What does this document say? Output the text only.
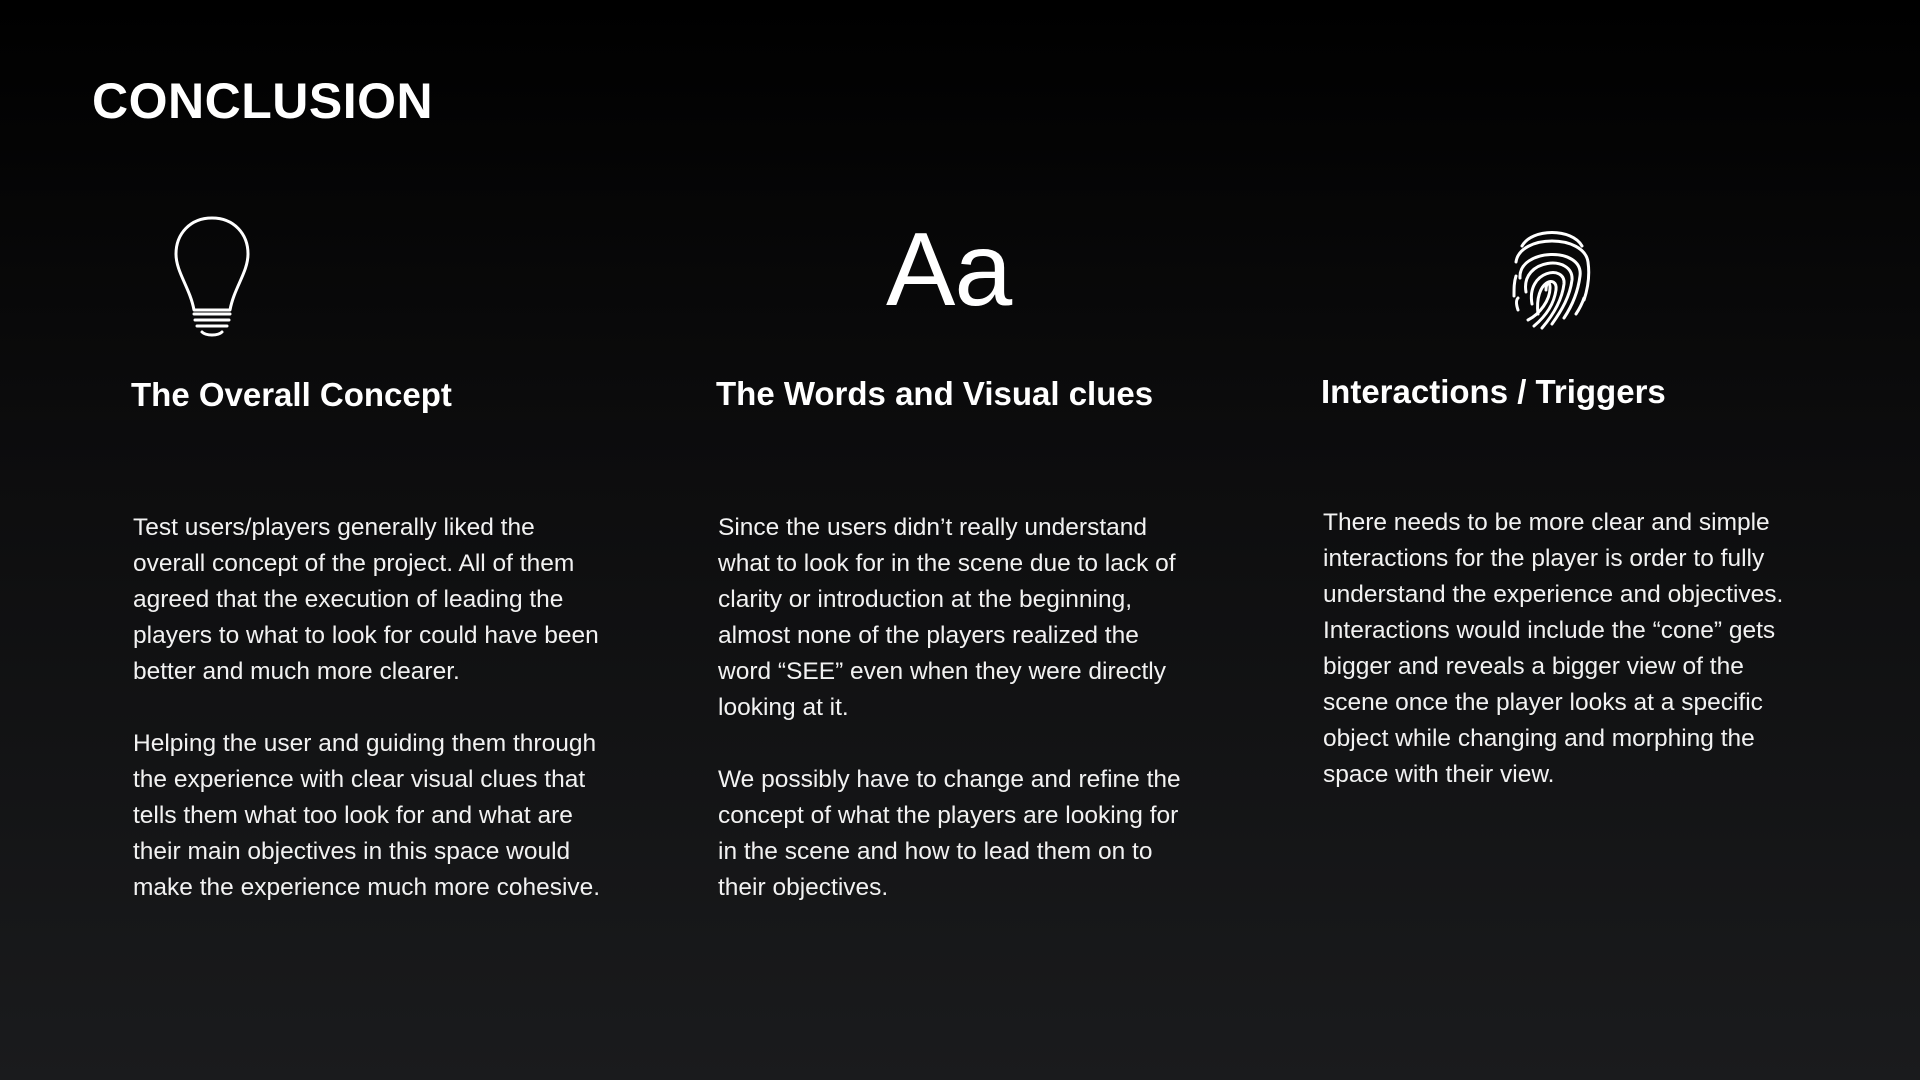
CONCLUSION
Aa
The Overall Concept

Test users/players generally liked the overall concept of the project. All of them agreed that the execution of leading the players to what to look for could have been better and much more clearer.

Helping the user and guiding them through the experience with clear visual clues that tells them what too look for and what are their main objectives in this space would make the experience much more cohesive.

The Words and Visual clues

Since the users didn’t really understand what to look for in the scene due to lack of clarity or introduction at the beginning, almost none of the players realized the word “SEE” even when they were directly looking at it.

We possibly have to change and refine the concept of what the players are looking for in the scene and how to lead them on to their objectives.

Interactions / Triggers

There needs to be more clear and simple interactions for the player is order to fully understand the experience and objectives. Interactions would include the “cone” gets bigger and reveals a bigger view of the scene once the player looks at a specific object while changing and morphing the space with their view.
